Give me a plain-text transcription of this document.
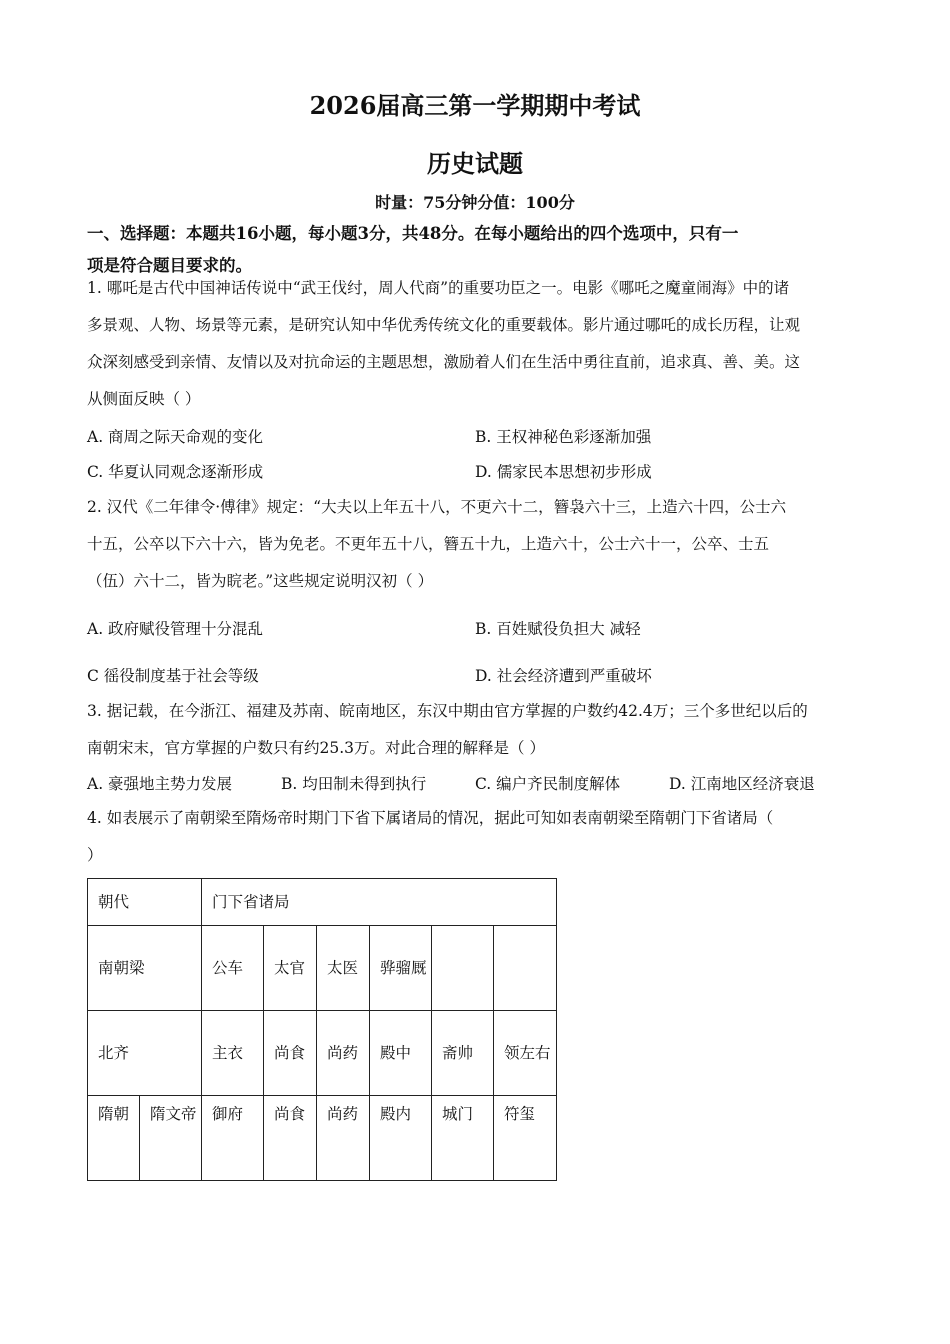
2026届高三第一学期期中考试
历史试题
时量：75分钟分值：100分
一、选择题：本题共16小题，每小题3分，共48分。在每小题给出的四个选项中，只有一
项是符合题目要求的。
1. 哪吒是古代中国神话传说中“武王伐纣，周人代商”的重要功臣之一。电影《哪吒之魔童闹海》中的诸
多景观、人物、场景等元素，是研究认知中华优秀传统文化的重要载体。影片通过哪吒的成长历程，让观
众深刻感受到亲情、友情以及对抗命运的主题思想，激励着人们在生活中勇往直前，追求真、善、美。这
从侧面反映（ ）
A. 商周之际天命观的变化	B. 王权神秘色彩逐渐加强
C. 华夏认同观念逐渐形成	D. 儒家民本思想初步形成
2. 汉代《二年律令·傅律》规定：“大夫以上年五十八，不更六十二，簪袅六十三，上造六十四，公士六
十五，公卒以下六十六，皆为免老。不更年五十八，簪五十九，上造六十，公士六十一，公卒、士五
（伍）六十二，皆为睆老。”这些规定说明汉初（ ）
A. 政府赋役管理十分混乱	B. 百姓赋役负担大 减轻
C 徭役制度基于社会等级	D. 社会经济遭到严重破坏
3. 据记载，在今浙江、福建及苏南、皖南地区，东汉中期由官方掌握的户数约42.4万；三个多世纪以后的
南朝宋末，官方掌握的户数只有约25.3万。对此合理的解释是（ ）
A. 豪强地主势力发展	B. 均田制未得到执行	C. 编户齐民制度解体	D. 江南地区经济衰退
4. 如表展示了南朝梁至隋炀帝时期门下省下属诸局的情况，据此可知如表南朝梁至隋朝门下省诸局（
）
朝代		门下省诸局					
南朝梁		公车	太官	太医	骅骝厩		
北齐		主衣	尚食	尚药	殿中	斋帅	领左右
隋朝	隋文帝	御府	尚食	尚药	殿内	城门	符玺
